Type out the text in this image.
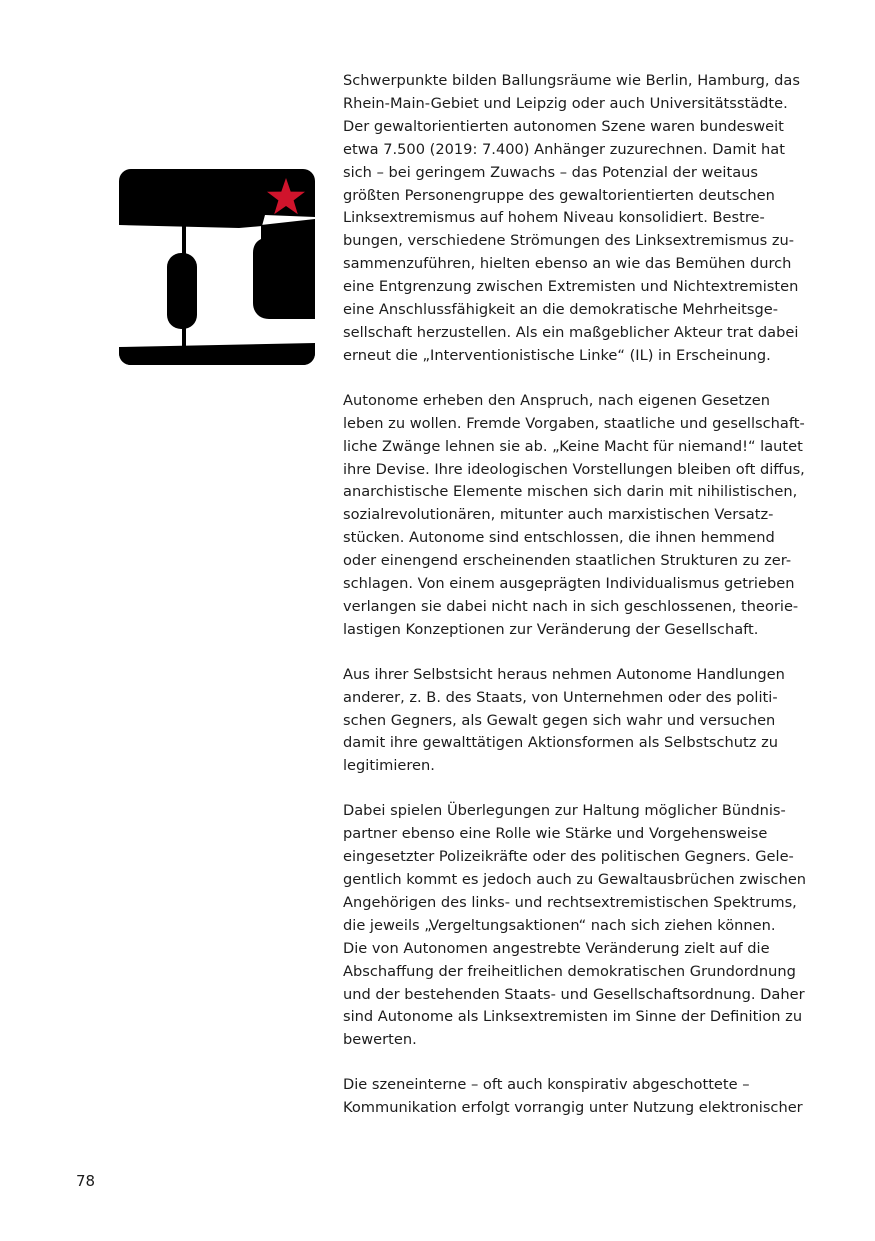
Schwerpunkte bilden Ballungsräume wie Berlin, Hamburg, das
Rhein-Main-Gebiet und Leipzig oder auch Universitätsstädte.
Der gewaltorientierten autonomen Szene waren bundesweit
etwa 7.500 (2019: 7.400) Anhänger zuzurechnen. Damit hat
sich – bei geringem Zuwachs – das Potenzial der weitaus
größten Personengruppe des gewaltorientierten deutschen
Linksextremismus auf hohem Niveau konsolidiert. Bestre-
bungen, verschiedene Strömungen des Linksextremismus zu-
sammenzuführen, hielten ebenso an wie das Bemühen durch
eine Entgrenzung zwischen Extremisten und Nichtextremisten
eine Anschlussfähigkeit an die demokratische Mehrheitsge-
sellschaft herzustellen. Als ein maßgeblicher Akteur trat dabei
erneut die „Interventionistische Linke“ (IL) in Erscheinung.

Autonome erheben den Anspruch, nach eigenen Gesetzen
leben zu wollen. Fremde Vorgaben, staatliche und gesellschaft-
liche Zwänge lehnen sie ab. „Keine Macht für niemand!“ lautet
ihre Devise. Ihre ideologischen Vorstellungen bleiben oft diffus,
anarchistische Elemente mischen sich darin mit nihilistischen,
sozialrevolutionären, mitunter auch marxistischen Versatz-
stücken. Autonome sind entschlossen, die ihnen hemmend
oder einengend erscheinenden staatlichen Strukturen zu zer-
schlagen. Von einem ausgeprägten Individualismus getrieben
verlangen sie dabei nicht nach in sich geschlossenen, theorie-
lastigen Konzeptionen zur Veränderung der Gesellschaft.

Aus ihrer Selbstsicht heraus nehmen Autonome Handlungen
anderer, z. B. des Staats, von Unternehmen oder des politi-
schen Gegners, als Gewalt gegen sich wahr und versuchen
damit ihre gewalttätigen Aktionsformen als Selbstschutz zu
legitimieren.

Dabei spielen Überlegungen zur Haltung möglicher Bündnis-
partner ebenso eine Rolle wie Stärke und Vorgehensweise
eingesetzter Polizeikräfte oder des politischen Gegners. Gele-
gentlich kommt es jedoch auch zu Gewaltausbrüchen zwischen
Angehörigen des links- und rechtsextremistischen Spektrums,
die jeweils „Vergeltungsaktionen“ nach sich ziehen können.
Die von Autonomen angestrebte Veränderung zielt auf die
Abschaffung der freiheitlichen demokratischen Grundordnung
und der bestehenden Staats- und Gesellschaftsordnung. Daher
sind Autonome als Linksextremisten im Sinne der Definition zu
bewerten.

Die szeneinterne – oft auch konspirativ abgeschottete –
Kommunikation erfolgt vorrangig unter Nutzung elektronischer

78
